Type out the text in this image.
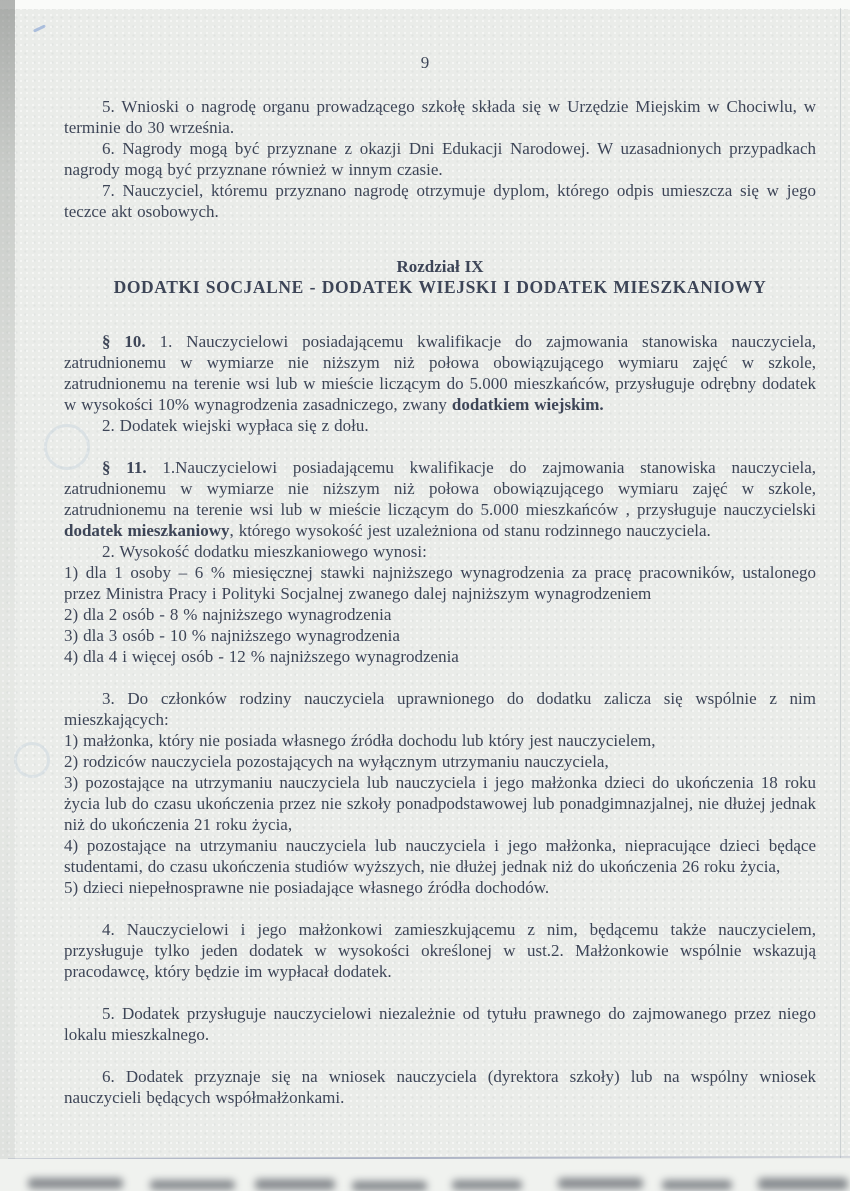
9

5. Wnioski o nagrodę organu prowadzącego szkołę składa się w Urzędzie Miejskim w Chociwlu, w terminie do 30 września.

6. Nagrody mogą być przyznane z okazji Dni Edukacji Narodowej. W uzasadnionych przypadkach nagrody mogą być przyznane również w innym czasie.

7. Nauczyciel, któremu przyznano nagrodę otrzymuje dyplom, którego odpis umieszcza się w jego teczce akt osobowych.

Rozdział IX

DODATKI SOCJALNE - DODATEK WIEJSKI I DODATEK MIESZKANIOWY

§ 10. 1. Nauczycielowi posiadającemu kwalifikacje do zajmowania stanowiska nauczyciela, zatrudnionemu w wymiarze nie niższym niż połowa obowiązującego wymiaru zajęć w szkole, zatrudnionemu na terenie wsi lub w mieście liczącym do 5.000 mieszkańców, przysługuje odrębny dodatek w wysokości 10% wynagrodzenia zasadniczego, zwany dodatkiem wiejskim.

2. Dodatek wiejski wypłaca się z dołu.

§ 11. 1.Nauczycielowi posiadającemu kwalifikacje do zajmowania stanowiska nauczyciela, zatrudnionemu w wymiarze nie niższym niż połowa obowiązującego wymiaru zajęć w szkole, zatrudnionemu na terenie wsi lub w mieście liczącym do 5.000 mieszkańców , przysługuje nauczycielski dodatek mieszkaniowy, którego wysokość jest uzależniona od stanu rodzinnego nauczyciela.

2. Wysokość dodatku mieszkaniowego wynosi:

1) dla 1 osoby – 6 % miesięcznej stawki najniższego wynagrodzenia za pracę pracowników, ustalonego przez Ministra Pracy i Polityki Socjalnej zwanego dalej najniższym wynagrodzeniem

2) dla 2 osób - 8 % najniższego wynagrodzenia

3) dla 3 osób - 10 % najniższego wynagrodzenia

4) dla 4 i więcej osób - 12 % najniższego wynagrodzenia

3. Do członków rodziny nauczyciela uprawnionego do dodatku zalicza się wspólnie z nim mieszkających:

1) małżonka, który nie posiada własnego źródła dochodu lub który jest nauczycielem,

2) rodziców nauczyciela pozostających na wyłącznym utrzymaniu nauczyciela,

3) pozostające na utrzymaniu nauczyciela lub nauczyciela i jego małżonka dzieci do ukończenia 18 roku życia lub do czasu ukończenia przez nie szkoły ponadpodstawowej lub ponadgimnazjalnej, nie dłużej jednak niż do ukończenia 21 roku życia,

4) pozostające na utrzymaniu nauczyciela lub nauczyciela i jego małżonka, niepracujące dzieci będące studentami, do czasu ukończenia studiów wyższych, nie dłużej jednak niż do ukończenia 26 roku życia,

5) dzieci niepełnosprawne nie posiadające własnego źródła dochodów.

4. Nauczycielowi i jego małżonkowi zamieszkującemu z nim, będącemu także nauczycielem, przysługuje tylko jeden dodatek w wysokości określonej w ust.2. Małżonkowie wspólnie wskazują pracodawcę, który będzie im wypłacał dodatek.

5. Dodatek przysługuje nauczycielowi niezależnie od tytułu prawnego do zajmowanego przez niego lokalu mieszkalnego.

6. Dodatek przyznaje się na wniosek nauczyciela (dyrektora szkoły) lub na wspólny wniosek nauczycieli będących współmałżonkami.
